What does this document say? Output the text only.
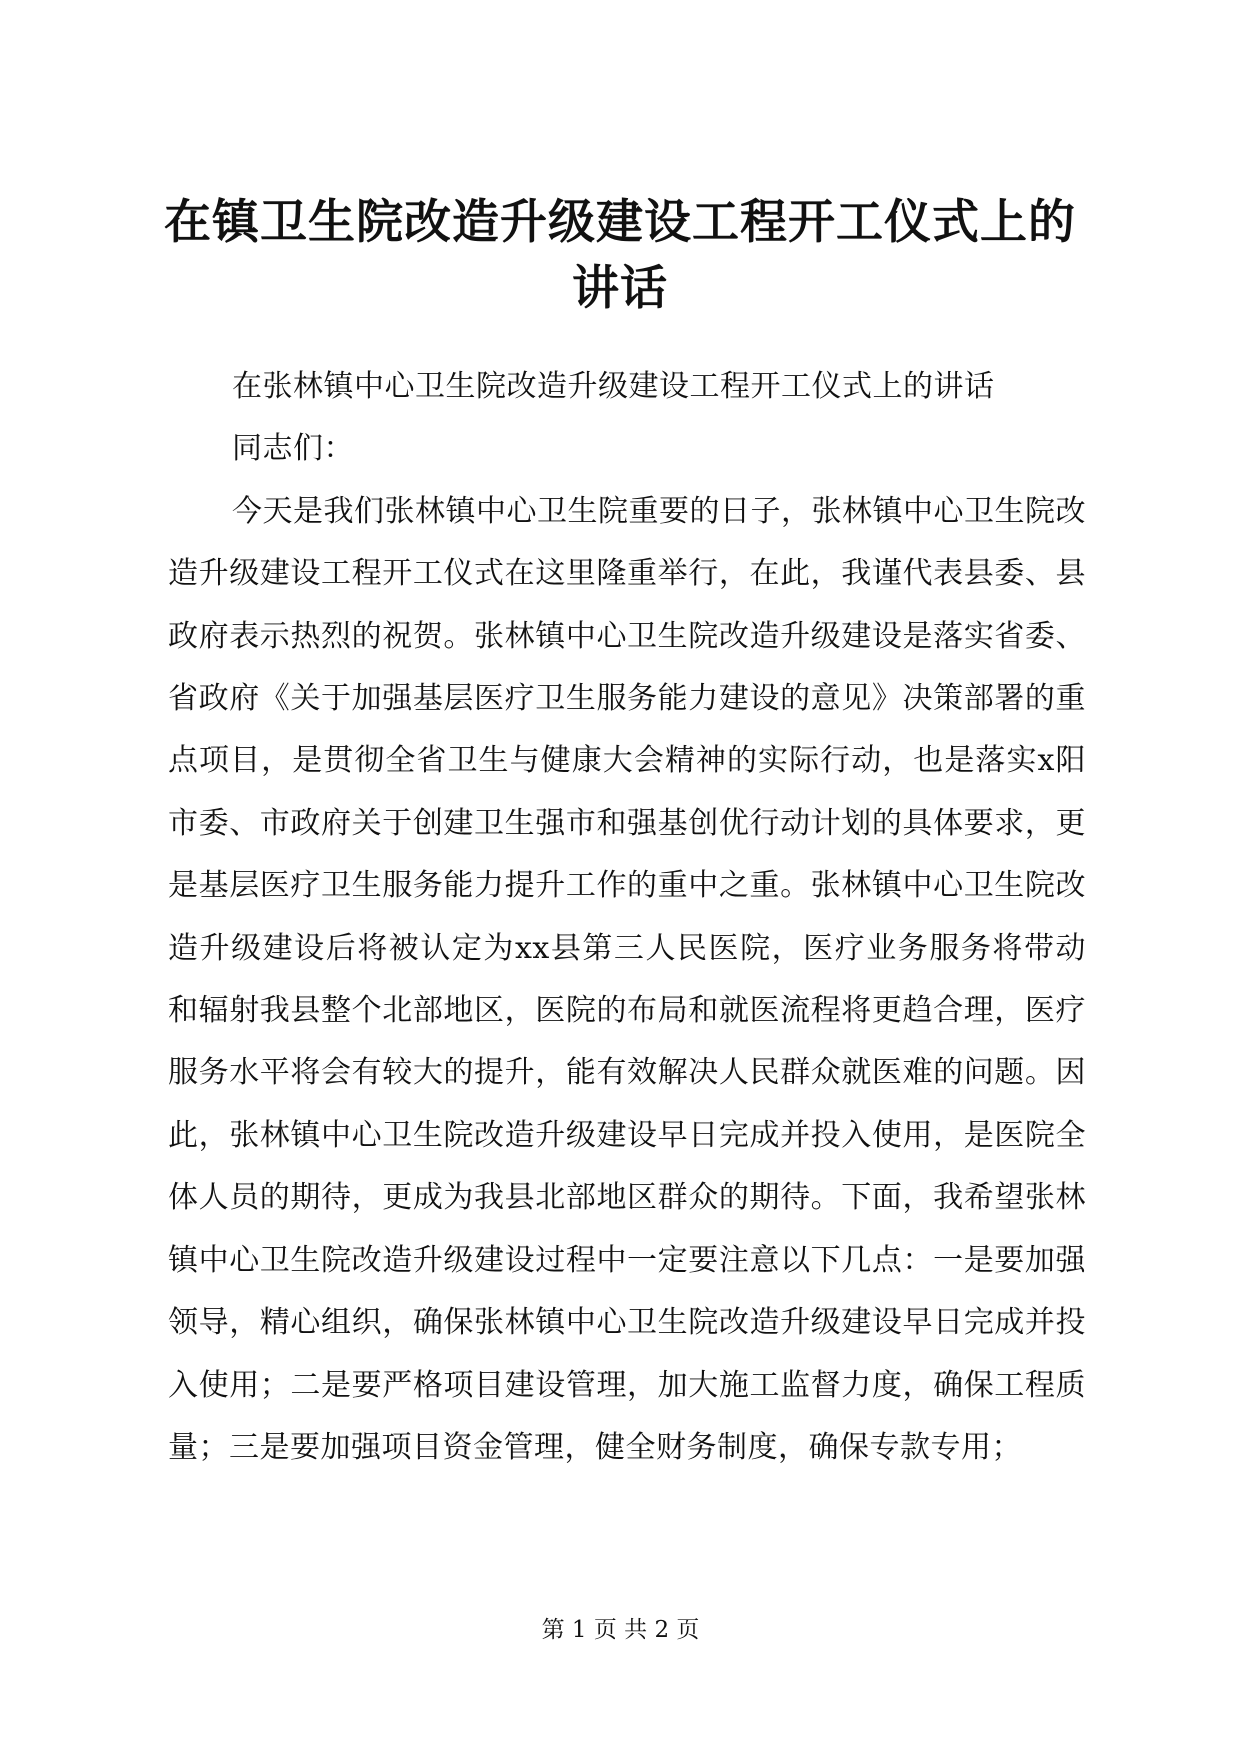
在镇卫生院改造升级建设工程开工仪式上的讲话

在张林镇中心卫生院改造升级建设工程开工仪式上的讲话

同志们：

今天是我们张林镇中心卫生院重要的日子，张林镇中心卫生院改造升级建设工程开工仪式在这里隆重举行，在此，我谨代表县委、县政府表示热烈的祝贺。张林镇中心卫生院改造升级建设是落实省委、省政府《关于加强基层医疗卫生服务能力建设的意见》决策部署的重点项目，是贯彻全省卫生与健康大会精神的实际行动，也是落实x阳市委、市政府关于创建卫生强市和强基创优行动计划的具体要求，更是基层医疗卫生服务能力提升工作的重中之重。张林镇中心卫生院改造升级建设后将被认定为xx县第三人民医院，医疗业务服务将带动和辐射我县整个北部地区，医院的布局和就医流程将更趋合理，医疗服务水平将会有较大的提升，能有效解决人民群众就医难的问题。因此，张林镇中心卫生院改造升级建设早日完成并投入使用，是医院全体人员的期待，更成为我县北部地区群众的期待。下面，我希望张林镇中心卫生院改造升级建设过程中一定要注意以下几点：一是要加强领导，精心组织，确保张林镇中心卫生院改造升级建设早日完成并投入使用；二是要严格项目建设管理，加大施工监督力度，确保工程质量；三是要加强项目资金管理，健全财务制度，确保专款专用；

第 1 页 共 2 页
